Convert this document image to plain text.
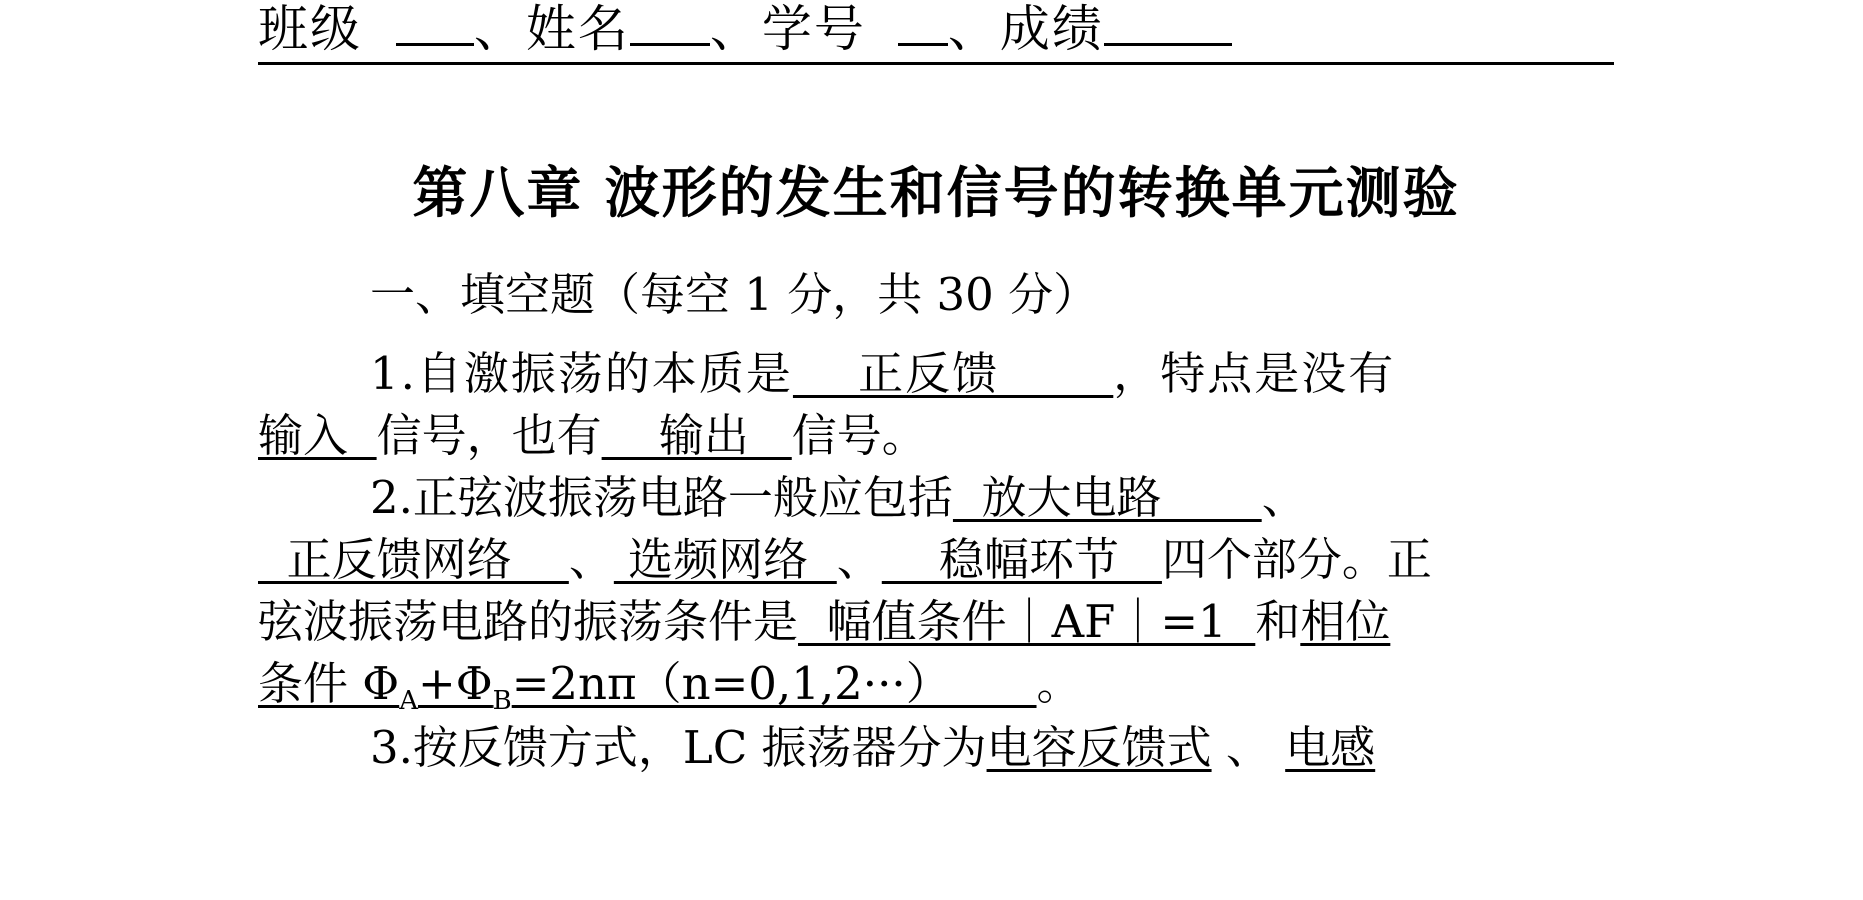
班级 、姓名 、学号 、成绩
第八章 波形的发生和信号的转换单元测验
一、填空题（每空 1 分，共 30 分）
1.自激振荡的本质是    正反馈       ，特点是没有
输入  信号，也有    输出   信号。
2.正弦波振荡电路一般应包括  放大电路       、
正反馈网络    、 选频网络  、    稳幅环节   四个部分。正
弦波振荡电路的振荡条件是  幅值条件｜AF｜=1  和相位
条件 $\Phi_A+\Phi_B=2n\pi(n=0,1,2\cdot\cdot\cdot)$      。
3.按反馈方式，LC 振荡器分为电容反馈式 、 电感
